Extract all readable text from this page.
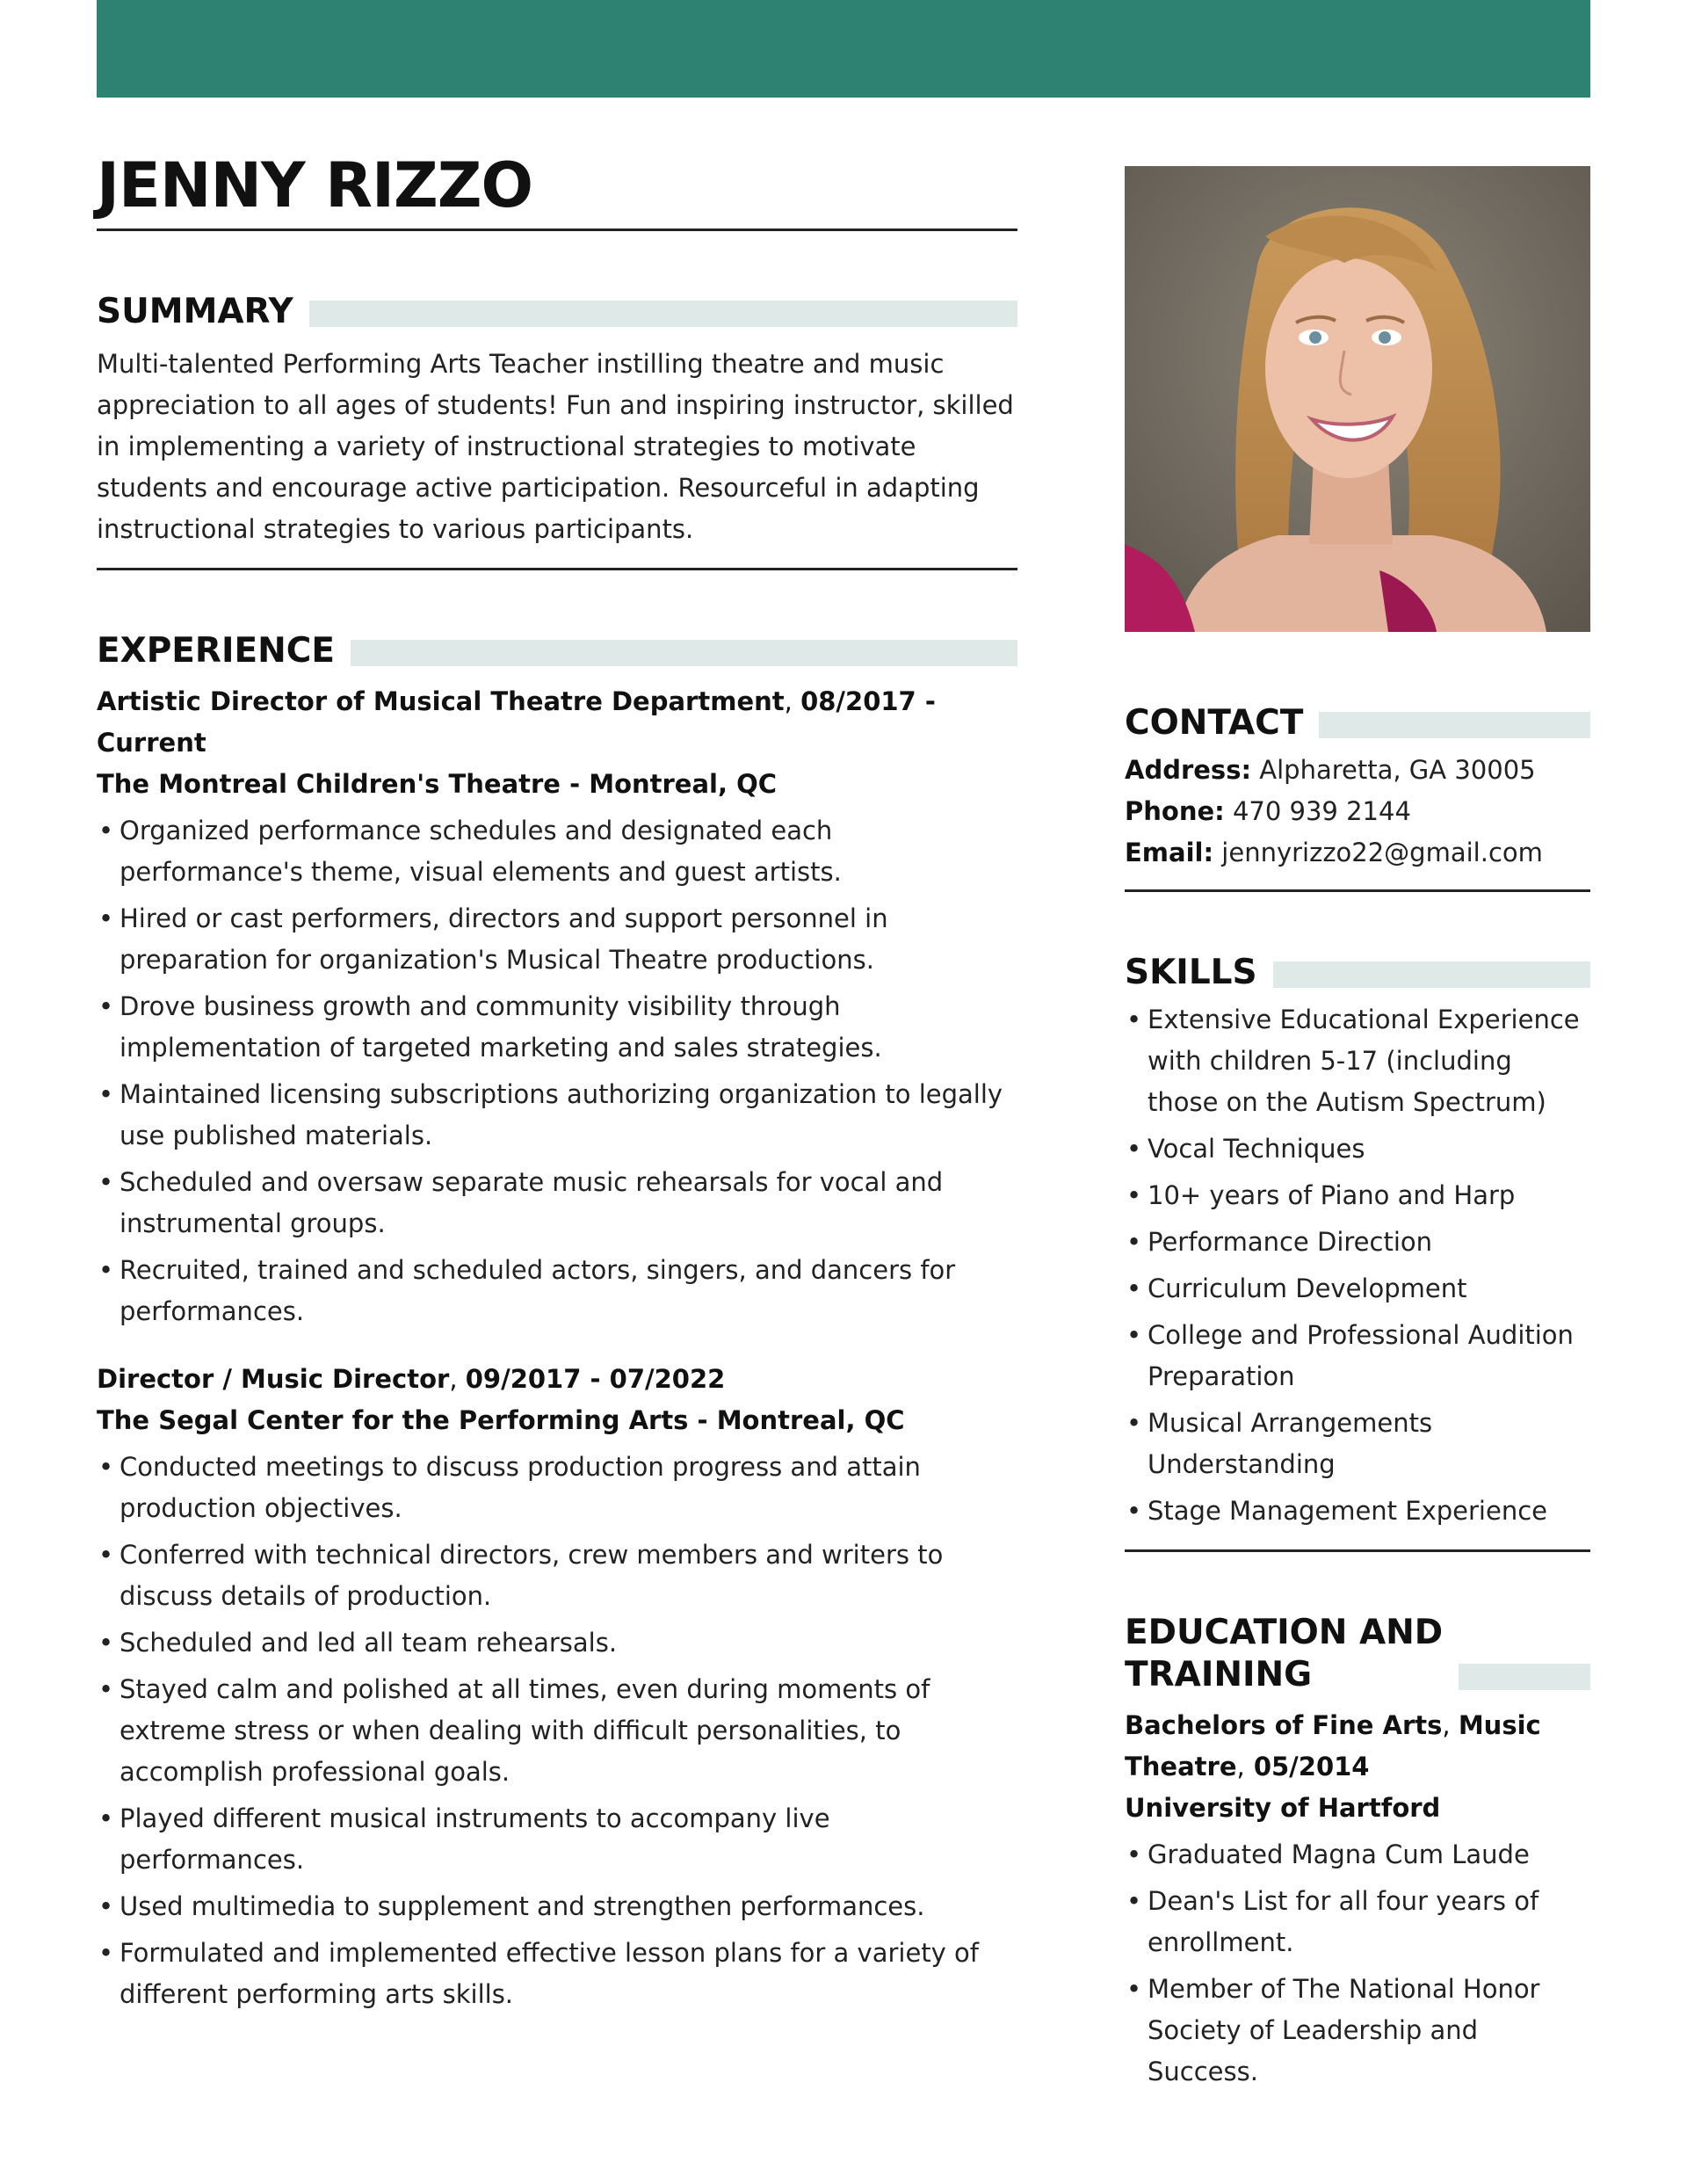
JENNY RIZZO
SUMMARY
Multi-talented Performing Arts Teacher instilling theatre and music appreciation to all ages of students! Fun and inspiring instructor, skilled in implementing a variety of instructional strategies to motivate students and encourage active participation. Resourceful in adapting instructional strategies to various participants.
EXPERIENCE
Artistic Director of Musical Theatre Department, 08/2017 - Current
The Montreal Children's Theatre - Montreal, QC
• Organized performance schedules and designated each performance's theme, visual elements and guest artists.
• Hired or cast performers, directors and support personnel in preparation for organization's Musical Theatre productions.
• Drove business growth and community visibility through implementation of targeted marketing and sales strategies.
• Maintained licensing subscriptions authorizing organization to legally use published materials.
• Scheduled and oversaw separate music rehearsals for vocal and instrumental groups.
• Recruited, trained and scheduled actors, singers, and dancers for performances.
Director / Music Director, 09/2017 - 07/2022
The Segal Center for the Performing Arts - Montreal, QC
• Conducted meetings to discuss production progress and attain production objectives.
• Conferred with technical directors, crew members and writers to discuss details of production.
• Scheduled and led all team rehearsals.
• Stayed calm and polished at all times, even during moments of extreme stress or when dealing with difficult personalities, to accomplish professional goals.
• Played different musical instruments to accompany live performances.
• Used multimedia to supplement and strengthen performances.
• Formulated and implemented effective lesson plans for a variety of different performing arts skills.
CONTACT
Address: Alpharetta, GA 30005
Phone: 470 939 2144
Email: jennyrizzo22@gmail.com
SKILLS
• Extensive Educational Experience with children 5-17 (including those on the Autism Spectrum)
• Vocal Techniques
• 10+ years of Piano and Harp
• Performance Direction
• Curriculum Development
• College and Professional Audition Preparation
• Musical Arrangements Understanding
• Stage Management Experience
EDUCATION AND
TRAINING
Bachelors of Fine Arts, Music Theatre, 05/2014
University of Hartford
• Graduated Magna Cum Laude
• Dean's List for all four years of enrollment.
• Member of The National Honor Society of Leadership and Success.
